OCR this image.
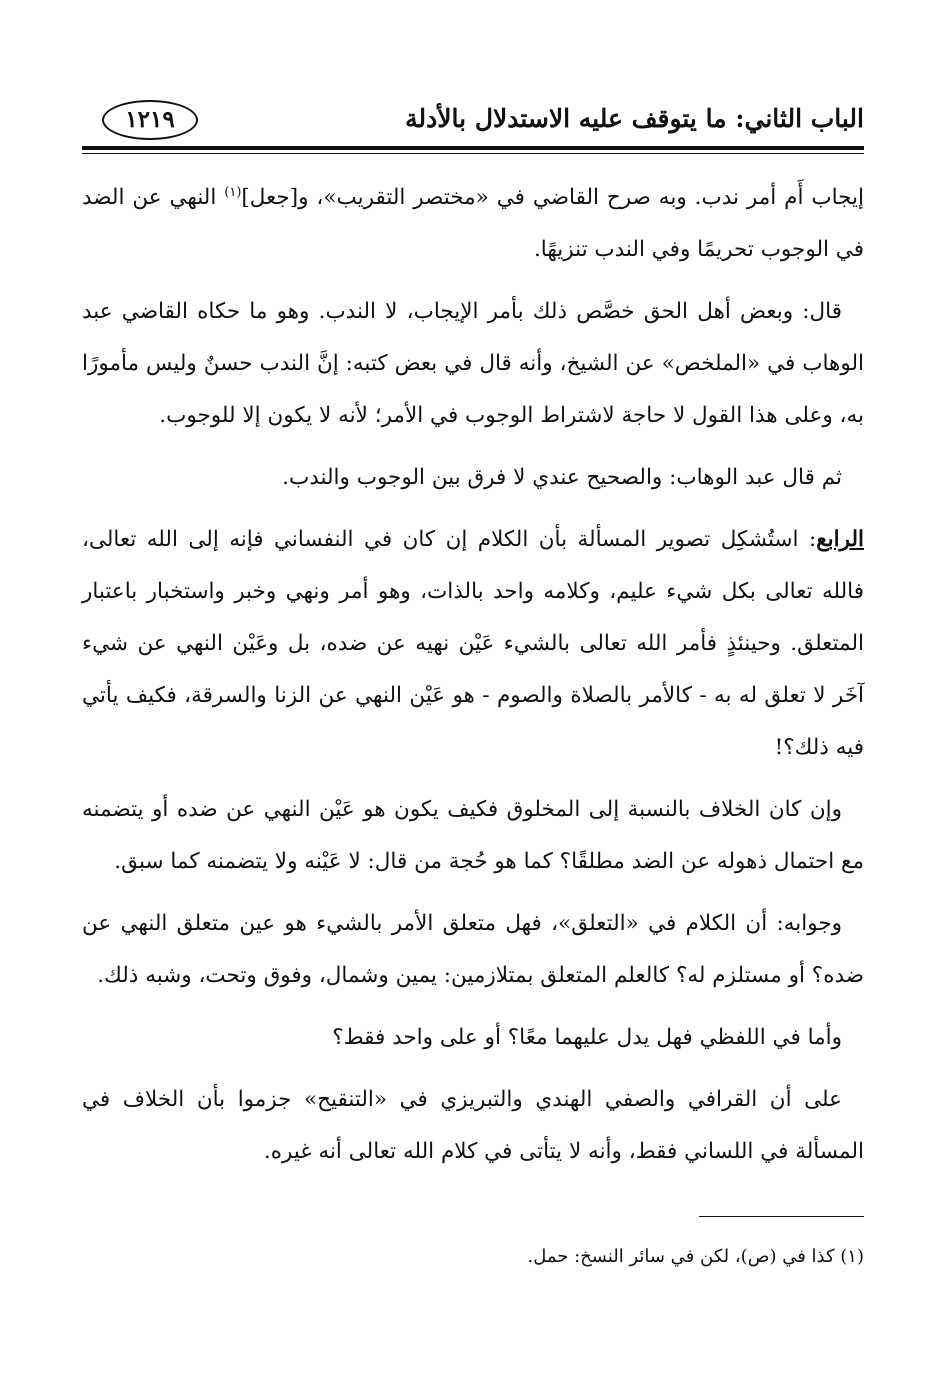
الباب الثاني: ما يتوقف عليه الاستدلال بالأدلة
١٢١٩

إيجاب أَم أمر ندب. وبه صرح القاضي في «مختصر التقريب»، و[جعل]$^{(١)}$ النهي عن الضد في الوجوب تحريمًا وفي الندب تنزيهًا.

قال: وبعض أهل الحق خصَّص ذلك بأمر الإيجاب، لا الندب. وهو ما حكاه القاضي عبد الوهاب في «الملخص» عن الشيخ، وأنه قال في بعض كتبه: إنَّ الندب حسنٌ وليس مأمورًا به، وعلى هذا القول لا حاجة لاشتراط الوجوب في الأمر؛ لأنه لا يكون إلا للوجوب.

ثم قال عبد الوهاب: والصحيح عندي لا فرق بين الوجوب والندب.

الرابع: استُشكِل تصوير المسألة بأن الكلام إن كان في النفساني فإنه إلى الله تعالى، فالله تعالى بكل شيء عليم، وكلامه واحد بالذات، وهو أمر ونهي وخبر واستخبار باعتبار المتعلق. وحينئذٍ فأمر الله تعالى بالشيء عَيْن نهيه عن ضده، بل وعَيْن النهي عن شيء آخَر لا تعلق له به - كالأمر بالصلاة والصوم - هو عَيْن النهي عن الزنا والسرقة، فكيف يأتي فيه ذلك؟!

وإن كان الخلاف بالنسبة إلى المخلوق فكيف يكون هو عَيْن النهي عن ضده أو يتضمنه مع احتمال ذهوله عن الضد مطلقًا؟ كما هو حُجة من قال: لا عَيْنه ولا يتضمنه كما سبق.

وجوابه: أن الكلام في «التعلق»، فهل متعلق الأمر بالشيء هو عين متعلق النهي عن ضده؟ أو مستلزم له؟ كالعلم المتعلق بمتلازمين: يمين وشمال، وفوق وتحت، وشبه ذلك.

وأما في اللفظي فهل يدل عليهما معًا؟ أو على واحد فقط؟

على أن القرافي والصفي الهندي والتبريزي في «التنقيح» جزموا بأن الخلاف في المسألة في اللساني فقط، وأنه لا يتأتى في كلام الله تعالى أنه غيره.

(١) كذا في (ص)، لكن في سائر النسخ: حمل.
